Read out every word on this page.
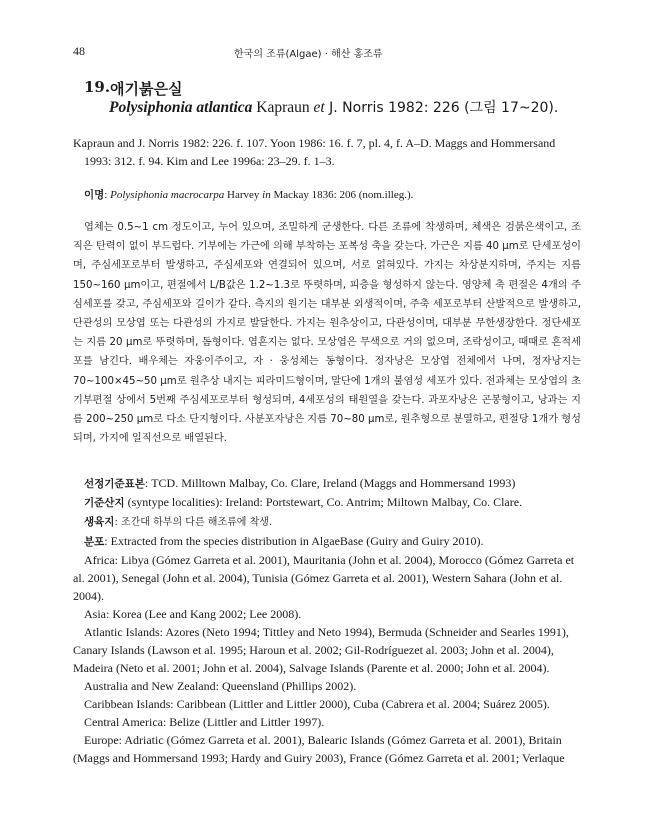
48	한국의 조류(Algae) · 해산 홍조류
19. 애기붉은실
Polysiphonia atlantica Kapraun et J. Norris 1982: 226 (그림 17~20).

Kapraun and J. Norris 1982: 226. f. 107. Yoon 1986: 16. f. 7, pl. 4, f. A–D. Maggs and Hommersand

1993: 312. f. 94. Kim and Lee 1996a: 23–29. f. 1–3.

이명: Polysiphonia macrocarpa Harvey in Mackay 1836: 206 (nom.illeg.).
엽체는 0.5~1 cm 정도이고, 누어 있으며, 조밀하게 군생한다. 다른 조류에 착생하며, 체색은 검붉은색이고, 조직은 탄력이 없이 부드럽다. 기부에는 가근에 의해 부착하는 포복성 축을 갖는다. 가근은 지름 40 μm로 단세포성이며, 주심세포로부터 발생하고, 주심세포와 연결되어 있으며, 서로 얽혀있다. 가지는 차상분지하며, 주지는 지름 150~160 μm이고, 편절에서 L/B값은 1.2~1.3로 뚜렷하며, 피층을 형성하지 않는다. 영양체 축 편절은 4개의 주심세포를 갖고, 주심세포와 길이가 같다. 측지의 원기는 대부분 외생적이며, 주축 세포로부터 산발적으로 발생하고, 단관성의 모상엽 또는 다관성의 가지로 발달한다. 가지는 원추상이고, 다관성이며, 대부분 무한생장한다. 정단세포는 지름 20 μm로 뚜렷하며, 돔형이다. 엽흔지는 없다. 모상엽은 무색으로 거의 없으며, 조락성이고, 때때로 흔적세포를 남긴다. 배우체는 자웅이주이고, 자 · 웅성체는 동형이다. 정자낭은 모상엽 전체에서 나며, 정자낭지는 70~100×45~50 μm로 원추상 내지는 피라미드형이며, 말단에 1개의 불염성 세포가 있다. 전과체는 모상엽의 초기부편절 상에서 5번째 주심세포로부터 형성되며, 4세포성의 태원열을 갖는다. 과포자낭은 곤봉형이고, 낭과는 지름 200~250 μm로 다소 단지형이다. 사분포자낭은 지름 70~80 μm로, 원추형으로 분열하고, 편절당 1개가 형성되며, 가지에 일직선으로 배열된다.

선정기준표본: TCD. Milltown Malbay, Co. Clare, Ireland (Maggs and Hommersand 1993)

기준산지 (syntype localities): Ireland: Portstewart, Co. Antrim; Miltown Malbay, Co. Clare.

생육지: 조간대 하부의 다른 해조류에 착생.

분포: Extracted from the species distribution in AlgaeBase (Guiry and Guiry 2010).

Africa: Libya (Gómez Garreta et al. 2001), Mauritania (John et al. 2004), Morocco (Gómez Garreta et al. 2001), Senegal (John et al. 2004), Tunisia (Gómez Garreta et al. 2001), Western Sahara (John et al. 2004).

Asia: Korea (Lee and Kang 2002; Lee 2008).

Atlantic Islands: Azores (Neto 1994; Tittley and Neto 1994), Bermuda (Schneider and Searles 1991), Canary Islands (Lawson et al. 1995; Haroun et al. 2002; Gil-Rodríguezet al. 2003; John et al. 2004), Madeira (Neto et al. 2001; John et al. 2004), Salvage Islands (Parente et al. 2000; John et al. 2004).

Australia and New Zealand: Queensland (Phillips 2002).

Caribbean Islands: Caribbean (Littler and Littler 2000), Cuba (Cabrera et al. 2004; Suárez 2005).

Central America: Belize (Littler and Littler 1997).

Europe: Adriatic (Gómez Garreta et al. 2001), Balearic Islands (Gómez Garreta et al. 2001), Britain (Maggs and Hommersand 1993; Hardy and Guiry 2003), France (Gómez Garreta et al. 2001; Verlaque
